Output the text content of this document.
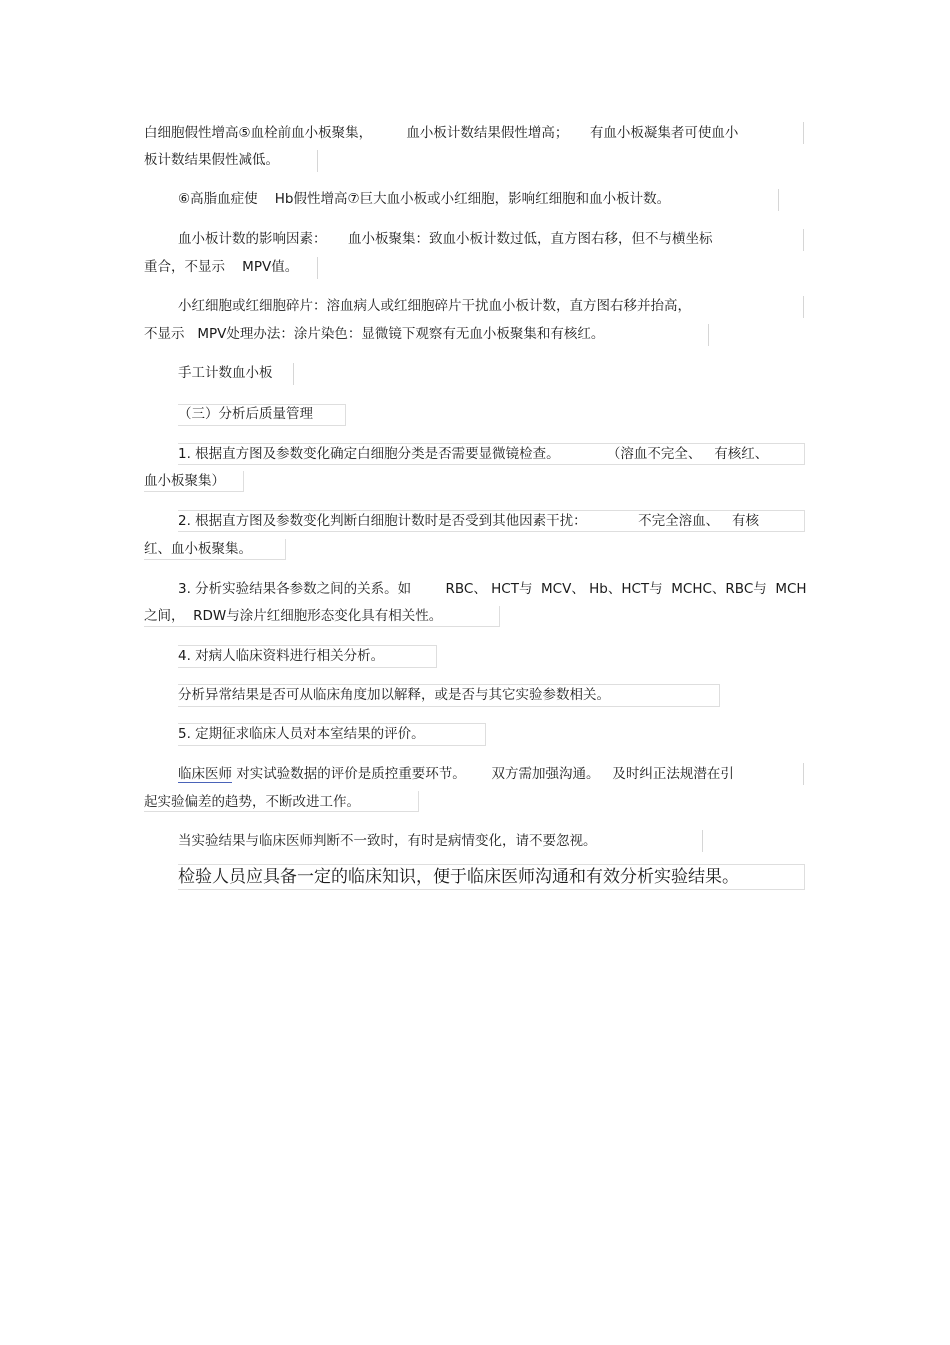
白细胞假性增高⑤血栓前血小板聚集，        血小板计数结果假性增高；     有血小板凝集者可使血小
板计数结果假性减低。
⑥高脂血症使    Hb假性增高⑦巨大血小板或小红细胞，影响红细胞和血小板计数。
血小板计数的影响因素：     血小板聚集：致血小板计数过低，直方图右移，但不与横坐标
重合，不显示    MPV值。
小红细胞或红细胞碎片：溶血病人或红细胞碎片干扰血小板计数，直方图右移并抬高，
不显示   MPV处理办法：涂片染色：显微镜下观察有无血小板聚集和有核红。
手工计数血小板
（三）分析后质量管理
1. 根据直方图及参数变化确定白细胞分类是否需要显微镜检查。           （溶血不完全、   有核红、
血小板聚集）
2. 根据直方图及参数变化判断白细胞计数时是否受到其他因素干扰：            不完全溶血、   有核
红、血小板聚集。
3. 分析实验结果各参数之间的关系。如        RBC、 HCT与  MCV、 Hb、HCT与  MCHC、RBC与  MCH
之间，  RDW与涂片红细胞形态变化具有相关性。
4. 对病人临床资料进行相关分析。
分析异常结果是否可从临床角度加以解释，或是否与其它实验参数相关。
5. 定期征求临床人员对本室结果的评价。
临床医师 对实试验数据的评价是质控重要环节。      双方需加强沟通。   及时纠正法规潜在引
起实验偏差的趋势，不断改进工作。
当实验结果与临床医师判断不一致时，有时是病情变化，请不要忽视。
检验人员应具备一定的临床知识，便于临床医师沟通和有效分析实验结果。
